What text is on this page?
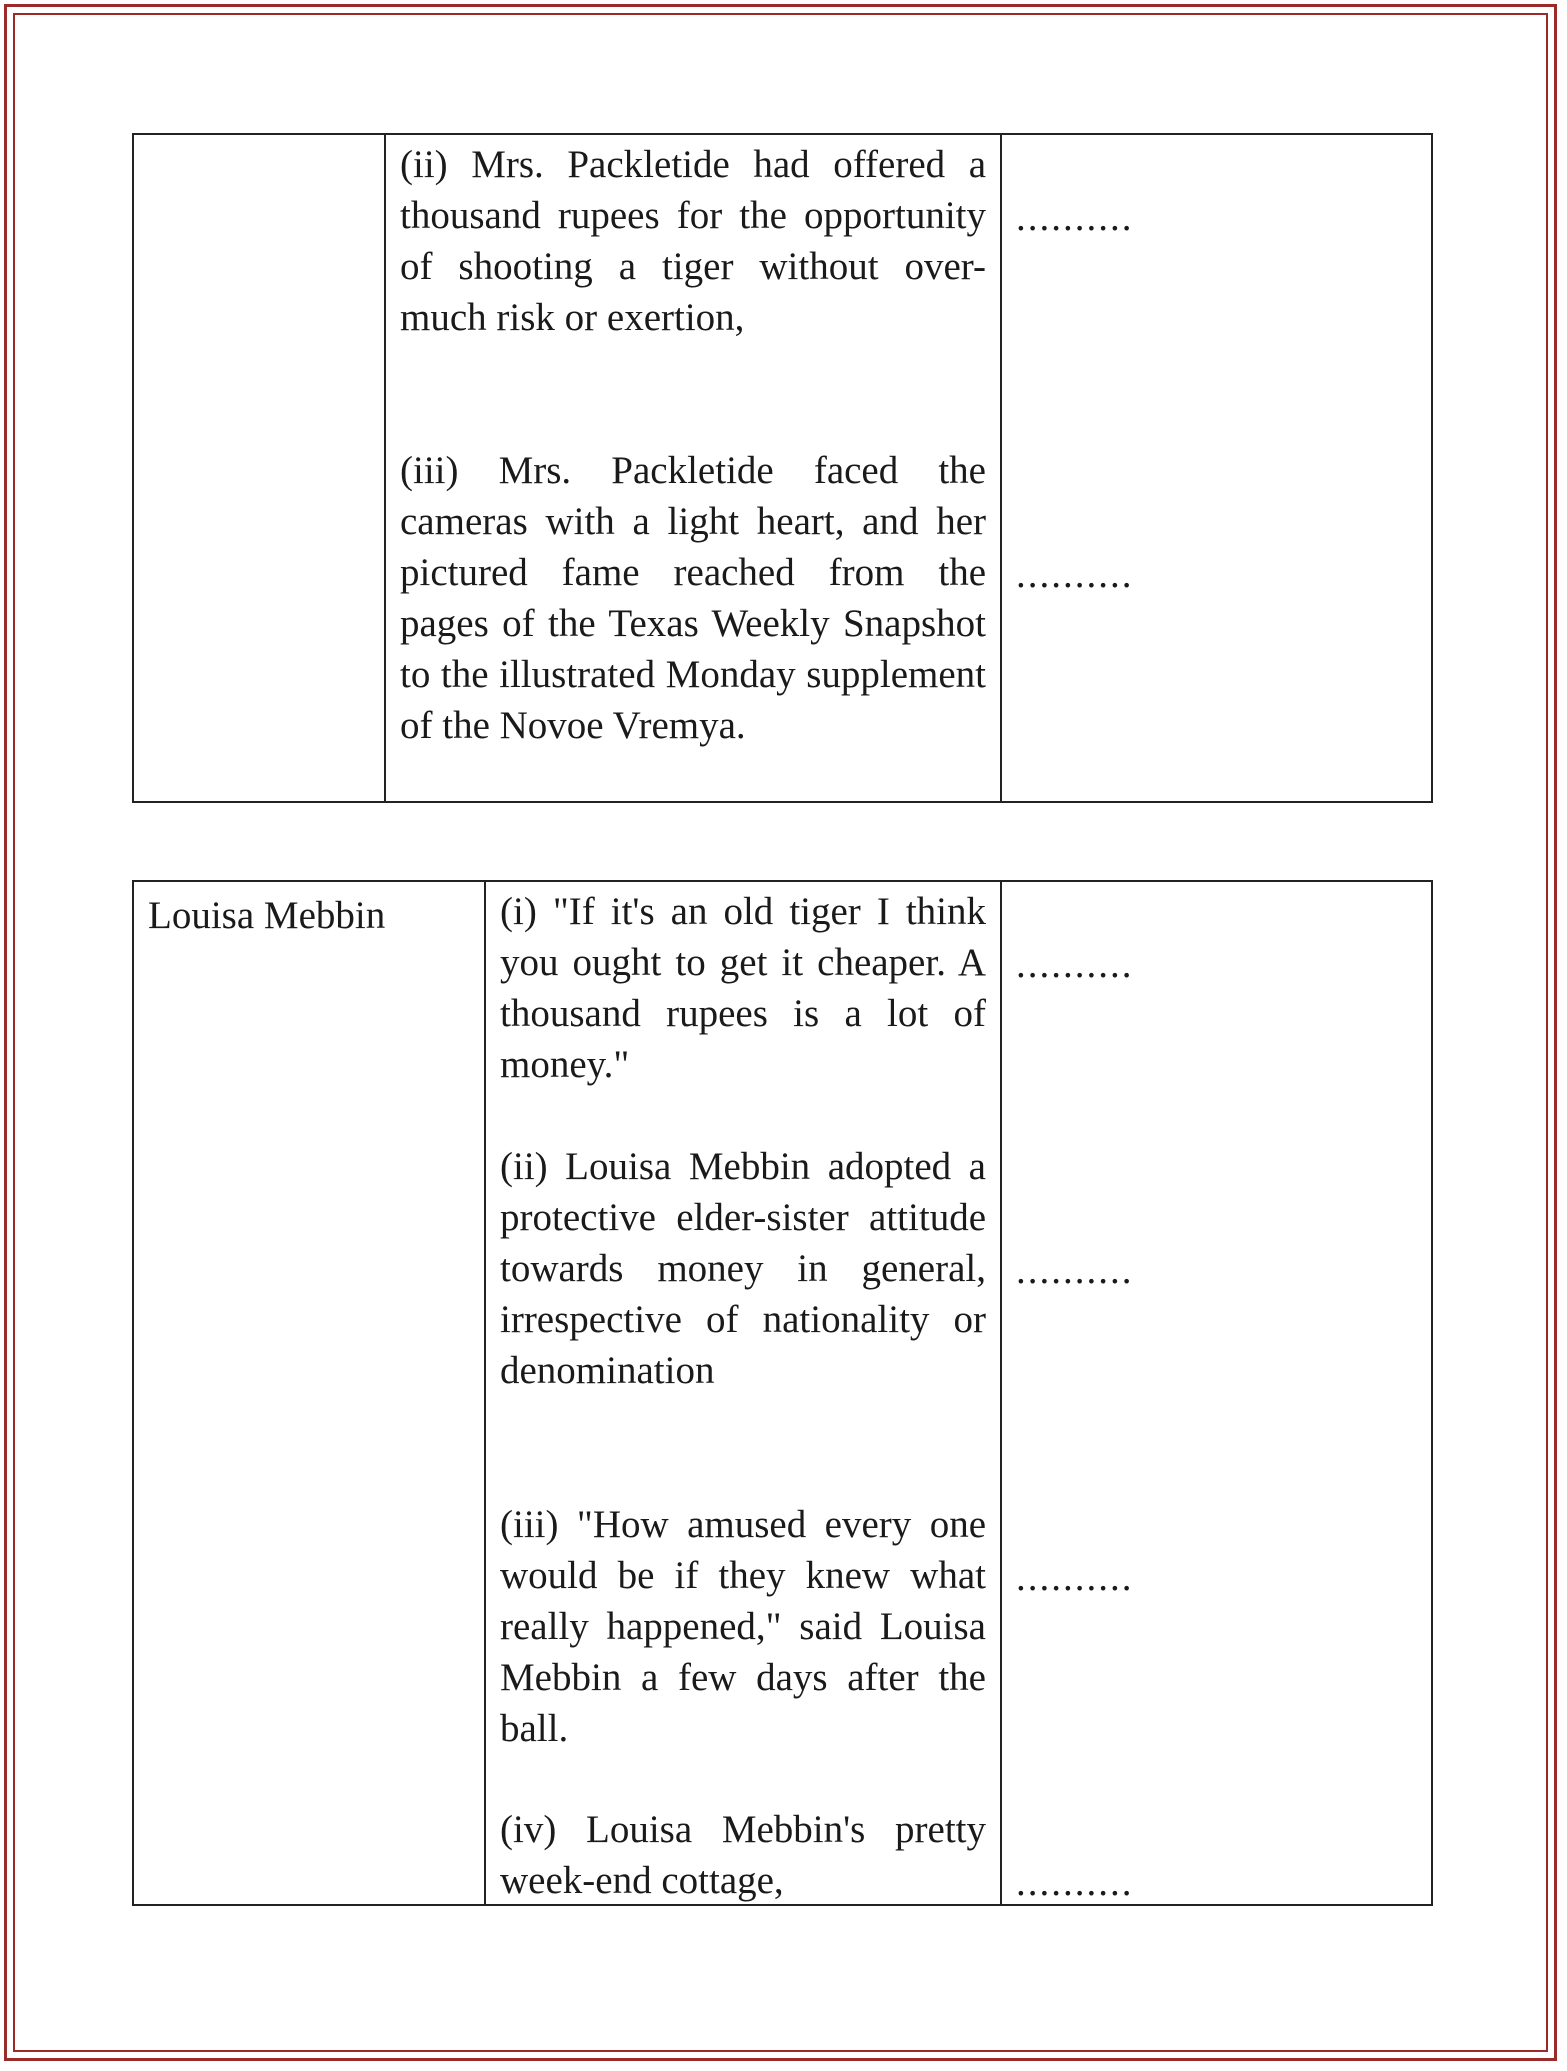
(ii) Mrs. Packletide had offered a thousand rupees for the opportunity of shooting a tiger without over-much risk or exertion,
(iii) Mrs. Packletide faced the cameras with a light heart, and her pictured fame reached from the pages of the Texas Weekly Snapshot to the illustrated Monday supplement of the Novoe Vremya.
..........
..........
Louisa Mebbin	(i) "If it's an old tiger I think you ought to get it cheaper. A thousand rupees is a lot of money."
(ii) Louisa Mebbin adopted a protective elder-sister attitude towards money in general, irrespective of nationality or denomination
(iii) "How amused every one would be if they knew what really happened," said Louisa Mebbin a few days after the ball.
(iv) Louisa Mebbin's pretty week-end cottage,
..........
..........
..........
..........
